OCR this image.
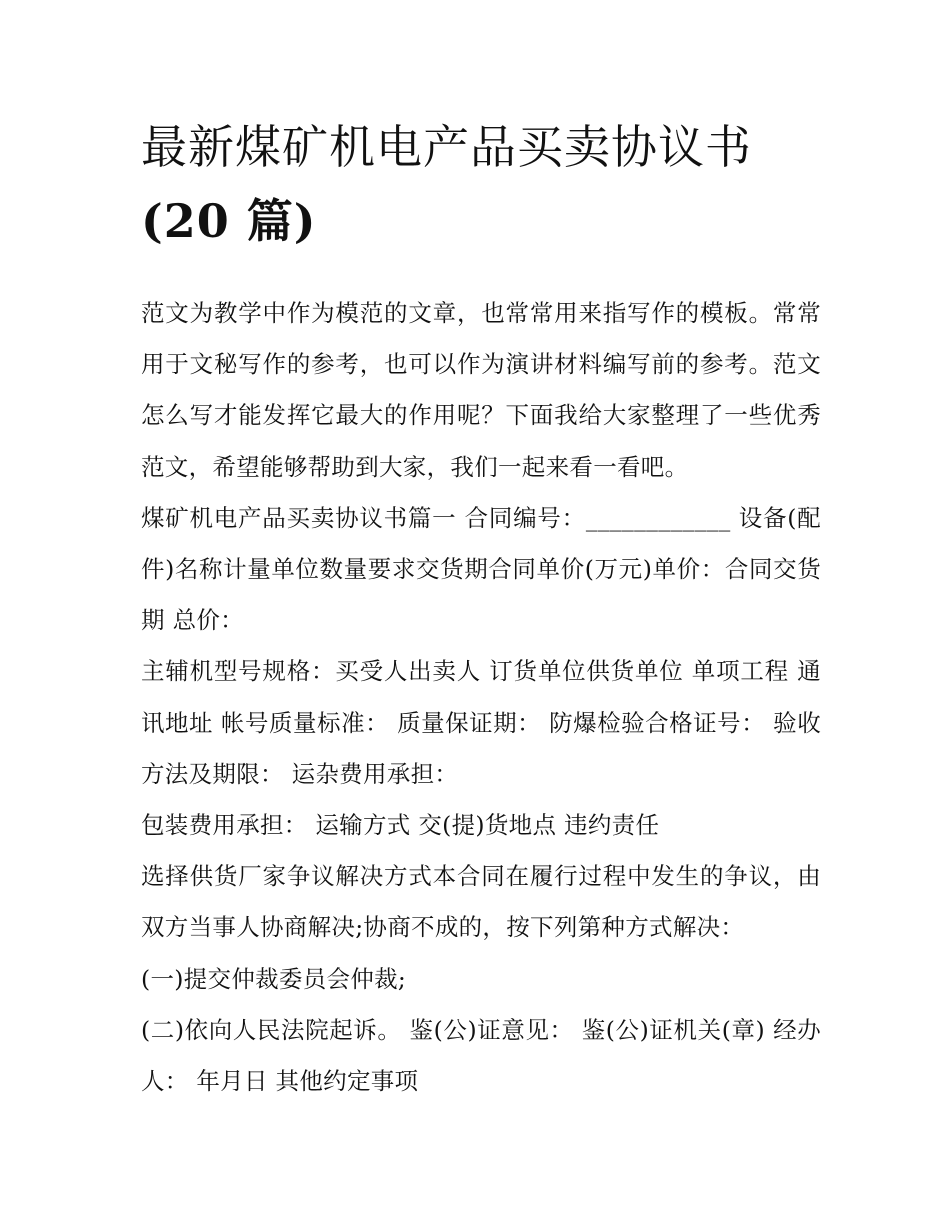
最新煤矿机电产品买卖协议书
(20 篇)

范文为教学中作为模范的文章，也常常用来指写作的模板。常常用于文秘写作的参考，也可以作为演讲材料编写前的参考。范文怎么写才能发挥它最大的作用呢？下面我给大家整理了一些优秀范文，希望能够帮助到大家，我们一起来看一看吧。

煤矿机电产品买卖协议书篇一 合同编号：____________ 设备(配件)名称计量单位数量要求交货期合同单价(万元)单价：合同交货期 总价：

主辅机型号规格：买受人出卖人 订货单位供货单位 单项工程 通讯地址 帐号质量标准： 质量保证期： 防爆检验合格证号： 验收方法及期限： 运杂费用承担：

包装费用承担： 运输方式 交(提)货地点 违约责任

选择供货厂家争议解决方式本合同在履行过程中发生的争议，由双方当事人协商解决;协商不成的，按下列第种方式解决：

(一)提交仲裁委员会仲裁;

(二)依向人民法院起诉。 鉴(公)证意见： 鉴(公)证机关(章) 经办人： 年月日 其他约定事项
